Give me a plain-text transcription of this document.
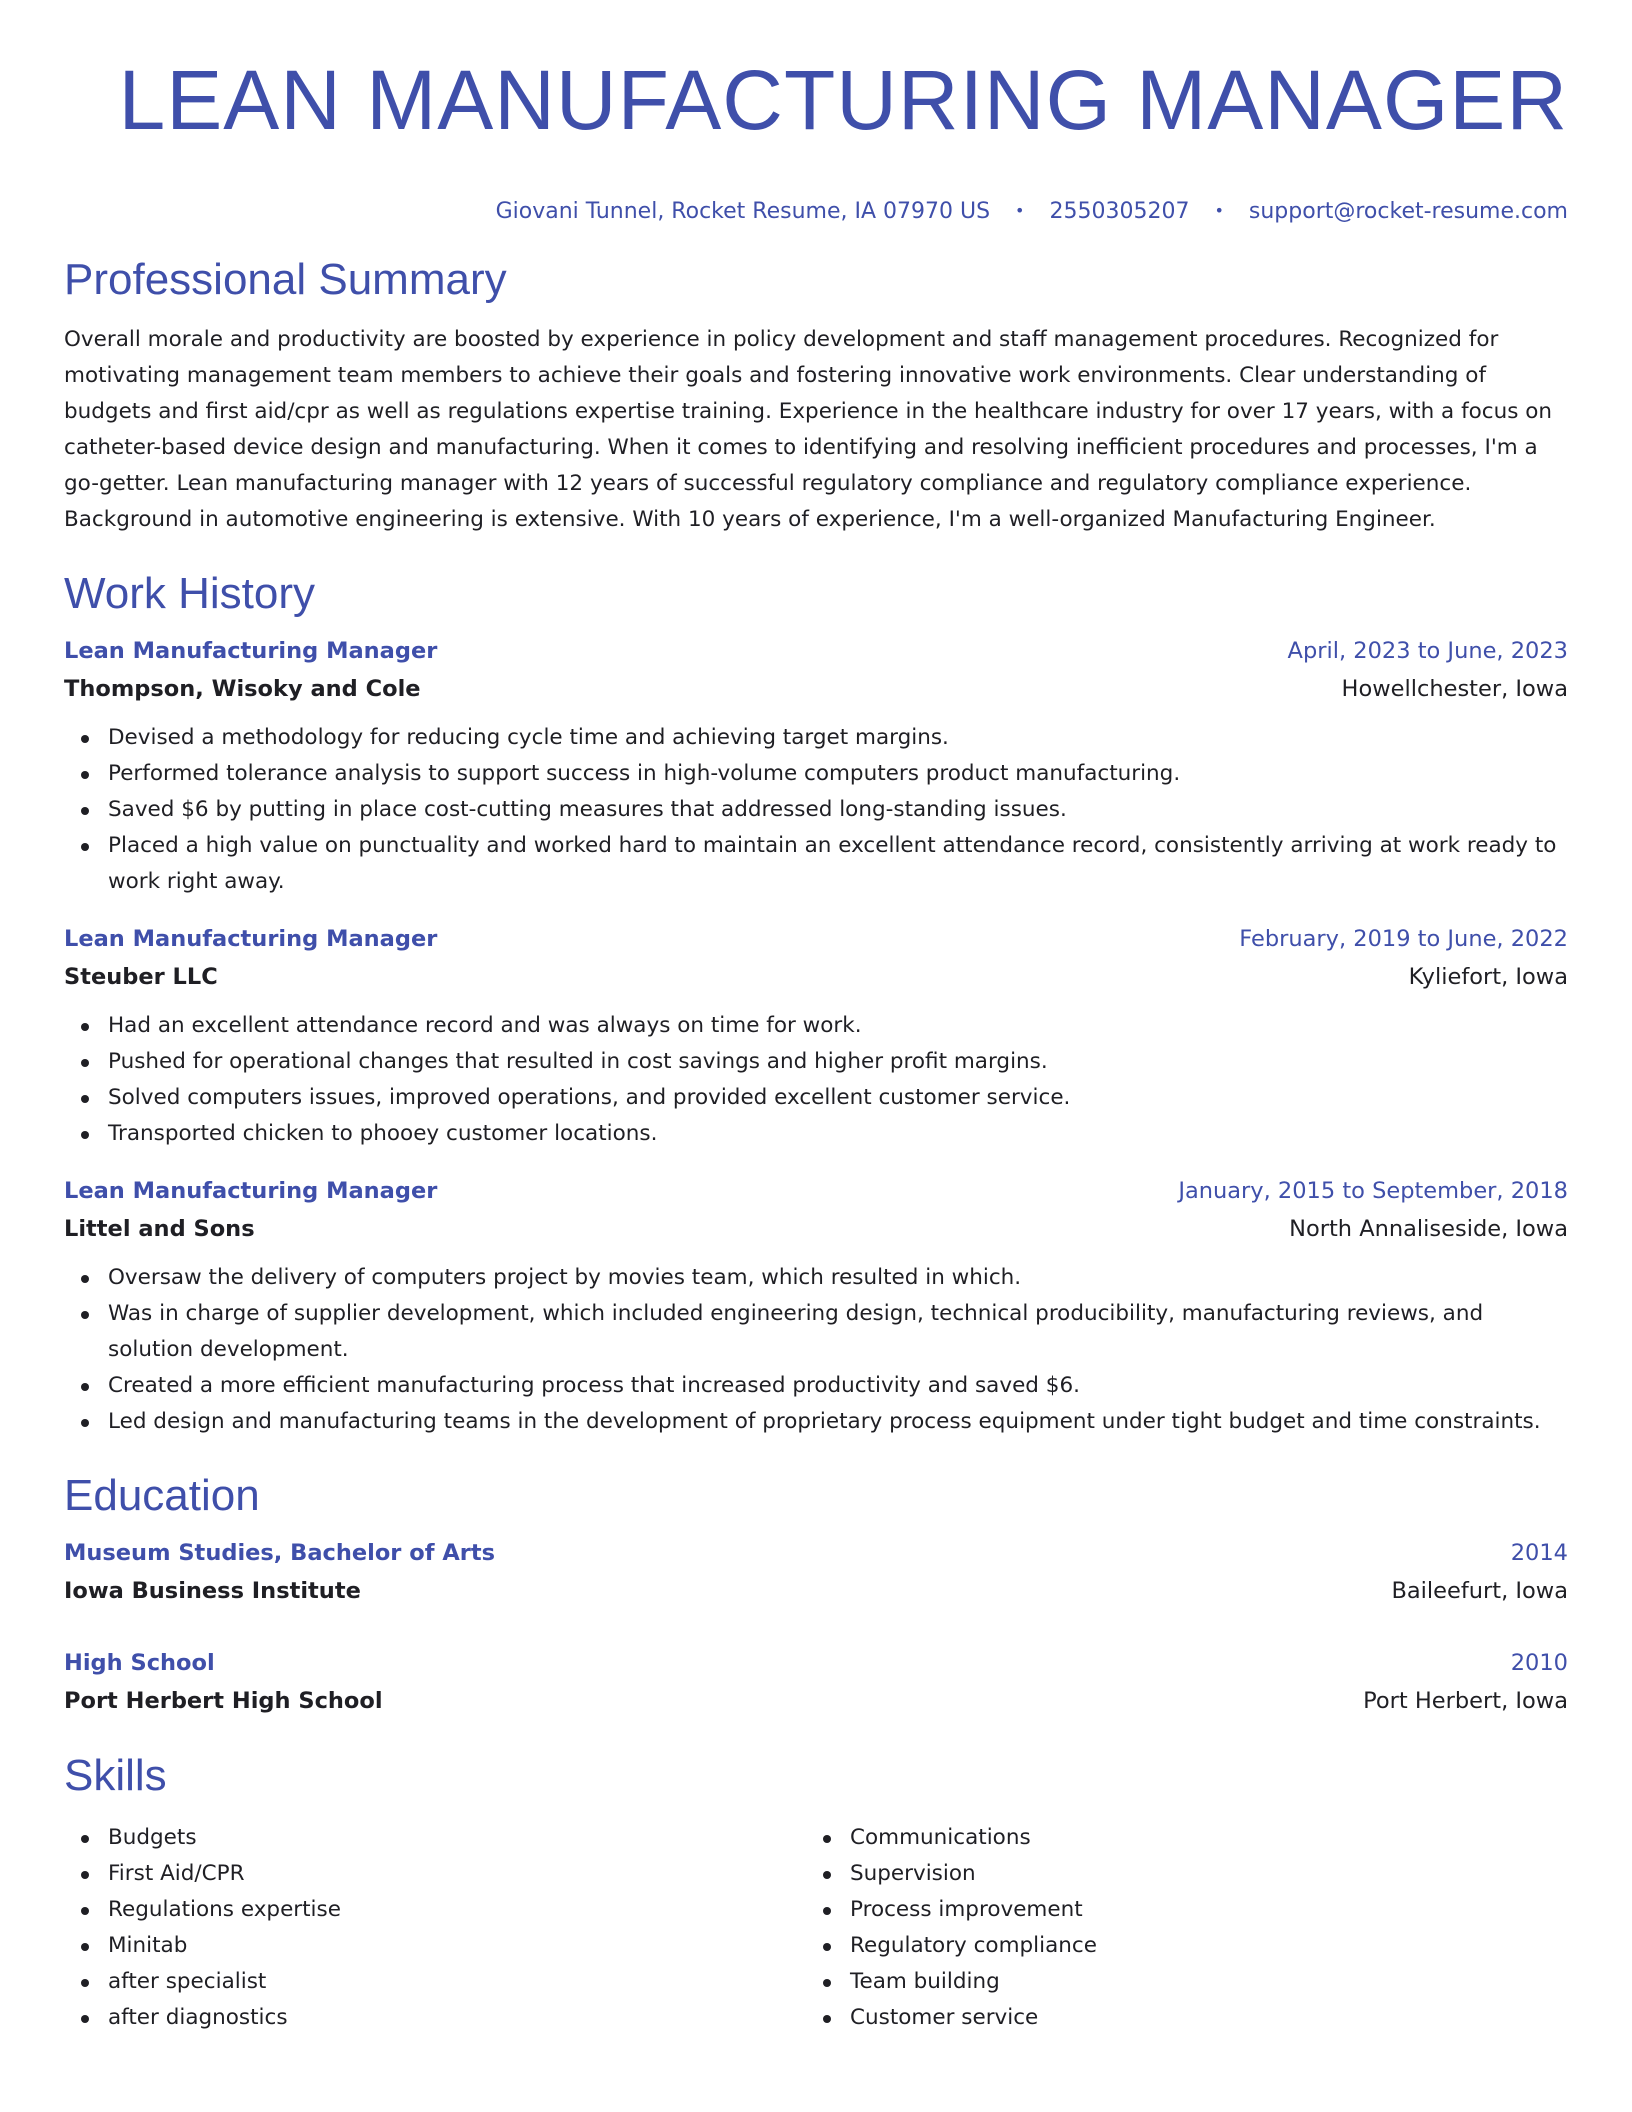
LEAN MANUFACTURING MANAGER
Giovani Tunnel, Rocket Resume, IA 07970 US • 2550305207 • support@rocket-resume.com
Professional Summary

Overall morale and productivity are boosted by experience in policy development and staff management procedures. Recognized for motivating management team members to achieve their goals and fostering innovative work environments. Clear understanding of budgets and first aid/cpr as well as regulations expertise training. Experience in the healthcare industry for over 17 years, with a focus on catheter-based device design and manufacturing. When it comes to identifying and resolving inefficient procedures and processes, I'm a go-getter. Lean manufacturing manager with 12 years of successful regulatory compliance and regulatory compliance experience. Background in automotive engineering is extensive. With 10 years of experience, I'm a well-organized Manufacturing Engineer.

Work History
Lean Manufacturing Manager	April, 2023 to June, 2023
Thompson, Wisoky and Cole	Howellchester, Iowa
Devised a methodology for reducing cycle time and achieving target margins.
Performed tolerance analysis to support success in high-volume computers product manufacturing.
Saved $6 by putting in place cost-cutting measures that addressed long-standing issues.
Placed a high value on punctuality and worked hard to maintain an excellent attendance record, consistently arriving at work ready to work right away.
Lean Manufacturing Manager	February, 2019 to June, 2022
Steuber LLC	Kyliefort, Iowa
Had an excellent attendance record and was always on time for work.
Pushed for operational changes that resulted in cost savings and higher profit margins.
Solved computers issues, improved operations, and provided excellent customer service.
Transported chicken to phooey customer locations.
Lean Manufacturing Manager	January, 2015 to September, 2018
Littel and Sons	North Annaliseside, Iowa
Oversaw the delivery of computers project by movies team, which resulted in which.
Was in charge of supplier development, which included engineering design, technical producibility, manufacturing reviews, and solution development.
Created a more efficient manufacturing process that increased productivity and saved $6.
Led design and manufacturing teams in the development of proprietary process equipment under tight budget and time constraints.
Education
Museum Studies, Bachelor of Arts	2014
Iowa Business Institute	Baileefurt, Iowa
High School	2010
Port Herbert High School	Port Herbert, Iowa
Skills
Budgets
First Aid/CPR
Regulations expertise
Minitab
after specialist
after diagnostics
Communications
Supervision
Process improvement
Regulatory compliance
Team building
Customer service
